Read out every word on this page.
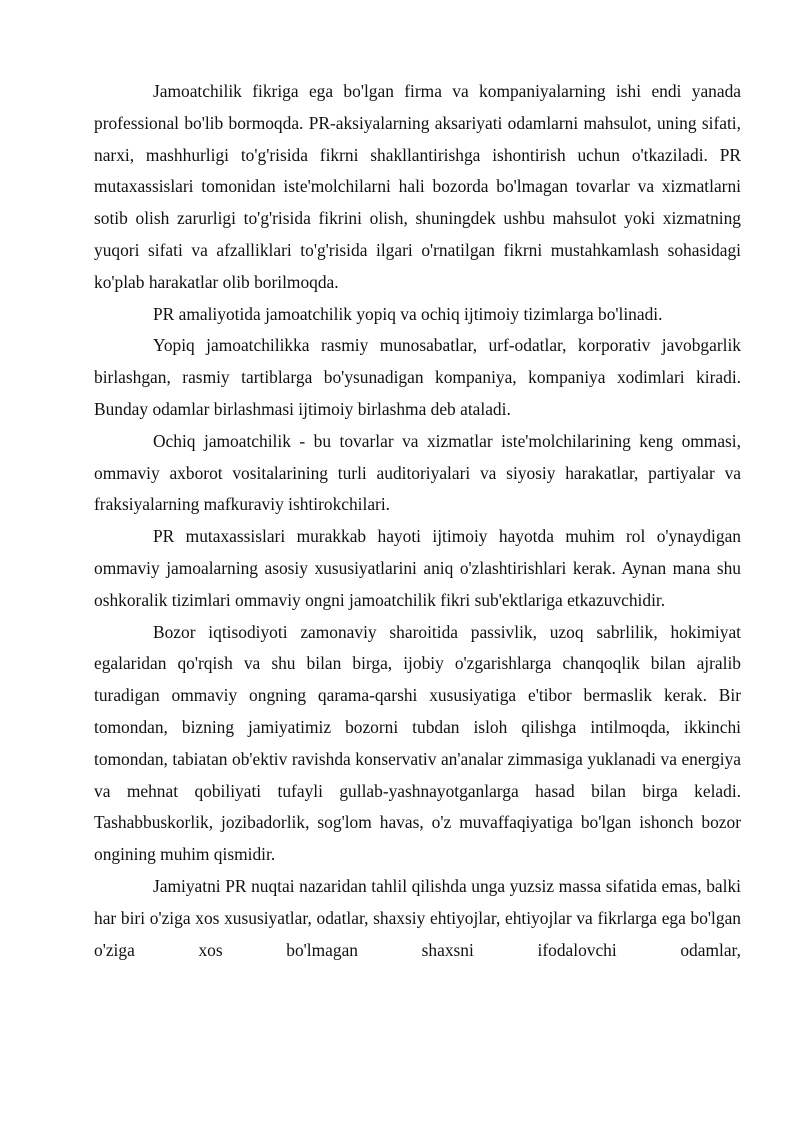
Jamoatchilik fikriga ega bo'lgan firma va kompaniyalarning ishi endi yanada professional bo'lib bormoqda. PR-aksiyalarning aksariyati odamlarni mahsulot, uning sifati, narxi, mashhurligi to'g'risida fikrni shakllantirishga ishontirish uchun o'tkaziladi. PR mutaxassislari tomonidan iste'molchilarni hali bozorda bo'lmagan tovarlar va xizmatlarni sotib olish zarurligi to'g'risida fikrini olish, shuningdek ushbu mahsulot yoki xizmatning yuqori sifati va afzalliklari to'g'risida ilgari o'rnatilgan fikrni mustahkamlash sohasidagi ko'plab harakatlar olib borilmoqda.

PR amaliyotida jamoatchilik yopiq va ochiq ijtimoiy tizimlarga bo'linadi.

Yopiq jamoatchilikka rasmiy munosabatlar, urf-odatlar, korporativ javobgarlik birlashgan, rasmiy tartiblarga bo'ysunadigan kompaniya, kompaniya xodimlari kiradi. Bunday odamlar birlashmasi ijtimoiy birlashma deb ataladi.

Ochiq jamoatchilik - bu tovarlar va xizmatlar iste'molchilarining keng ommasi, ommaviy axborot vositalarining turli auditoriyalari va siyosiy harakatlar, partiyalar va fraksiyalarning mafkuraviy ishtirokchilari.

PR mutaxassislari murakkab hayoti ijtimoiy hayotda muhim rol o'ynaydigan ommaviy jamoalarning asosiy xususiyatlarini aniq o'zlashtirishlari kerak. Aynan mana shu oshkoralik tizimlari ommaviy ongni jamoatchilik fikri sub'ektlariga etkazuvchidir.

Bozor iqtisodiyoti zamonaviy sharoitida passivlik, uzoq sabrlilik, hokimiyat egalaridan qo'rqish va shu bilan birga, ijobiy o'zgarishlarga chanqoqlik bilan ajralib turadigan ommaviy ongning qarama-qarshi xususiyatiga e'tibor bermaslik kerak. Bir tomondan, bizning jamiyatimiz bozorni tubdan isloh qilishga intilmoqda, ikkinchi tomondan, tabiatan ob'ektiv ravishda konservativ an'analar zimmasiga yuklanadi va energiya va mehnat qobiliyati tufayli gullab-yashnayotganlarga hasad bilan birga keladi. Tashabbuskorlik, jozibadorlik, sog'lom havas, o'z muvaffaqiyatiga bo'lgan ishonch bozor ongining muhim qismidir.

Jamiyatni PR nuqtai nazaridan tahlil qilishda unga yuzsiz massa sifatida emas, balki har biri o'ziga xos xususiyatlar, odatlar, shaxsiy ehtiyojlar, ehtiyojlar va fikrlarga ega bo'lgan o'ziga xos bo'lmagan shaxsni ifodalovchi odamlar,
